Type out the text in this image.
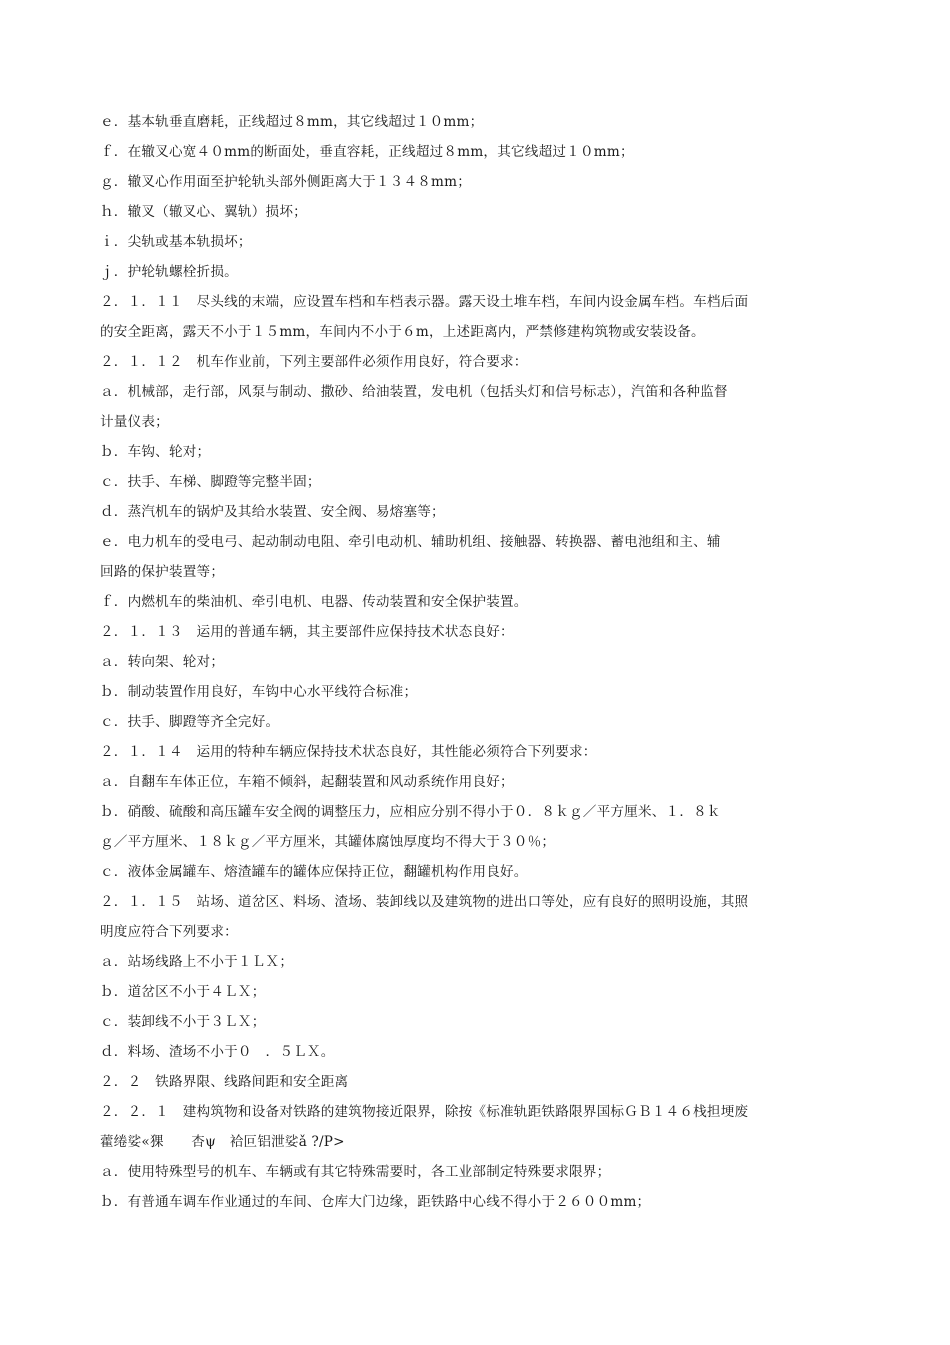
ｅ．基本轨垂直磨耗，正线超过８mm，其它线超过１０mm；
ｆ．在辙叉心宽４０mm的断面处，垂直容耗，正线超过８mm，其它线超过１０mm；
ｇ．辙叉心作用面至护轮轨头部外侧距离大于１３４８mm；
ｈ．辙叉（辙叉心、翼轨）损坏；
ｉ．尖轨或基本轨损坏；
ｊ．护轮轨螺栓折损。
２．１．１１　尽头线的末端，应设置车档和车档表示器。露天设土堆车档，车间内设金属车档。车档后面
的安全距离，露天不小于１５mm，车间内不小于６m，上述距离内，严禁修建构筑物或安装设备。
２．１．１２　机车作业前，下列主要部件必须作用良好，符合要求：
ａ．机械部，走行部，风泵与制动、撒砂、给油装置，发电机（包括头灯和信号标志），汽笛和各种监督
计量仪表；
ｂ．车钩、轮对；
ｃ．扶手、车梯、脚蹬等完整半固；
ｄ．蒸汽机车的锅炉及其给水装置、安全阀、易熔塞等；
ｅ．电力机车的受电弓、起动制动电阻、牵引电动机、辅助机组、接触器、转换器、蓄电池组和主、辅
回路的保护装置等；
ｆ．内燃机车的柴油机、牵引电机、电器、传动装置和安全保护装置。
２．１．１３　运用的普通车辆，其主要部件应保持技术状态良好：
ａ．转向架、轮对；
ｂ．制动装置作用良好，车钩中心水平线符合标准；
ｃ．扶手、脚蹬等齐全完好。
２．１．１４　运用的特种车辆应保持技术状态良好，其性能必须符合下列要求：
ａ．自翻车车体正位，车箱不倾斜，起翻装置和风动系统作用良好；
ｂ．硝酸、硫酸和高压罐车安全阀的调整压力，应相应分别不得小于０．８ｋｇ／平方厘米、１．８ｋ
ｇ／平方厘米、１８ｋｇ／平方厘米，其罐体腐蚀厚度均不得大于３０％；
ｃ．液体金属罐车、熔渣罐车的罐体应保持正位，翻罐机构作用良好。
２．１．１５　站场、道岔区、料场、渣场、装卸线以及建筑物的进出口等处，应有良好的照明设施，其照
明度应符合下列要求：
ａ．站场线路上不小于１ＬＸ；
ｂ．道岔区不小于４ＬＸ；
ｃ．装卸线不小于３ＬＸ；
ｄ．料场、渣场不小于０　．５ＬＸ。
２．２　铁路界限、线路间距和安全距离
２．２．１　建构筑物和设备对铁路的建筑物接近限界，除按《标准轨距铁路限界国标ＧＢ１４６栈担埂废
藿绻娑«猓　　杏ψ　袷叵铝泄娑ǎ ?/P>
ａ．使用特殊型号的机车、车辆或有其它特殊需要时，各工业部制定特殊要求限界；
ｂ．有普通车调车作业通过的车间、仓库大门边缘，距铁路中心线不得小于２６００mm；
